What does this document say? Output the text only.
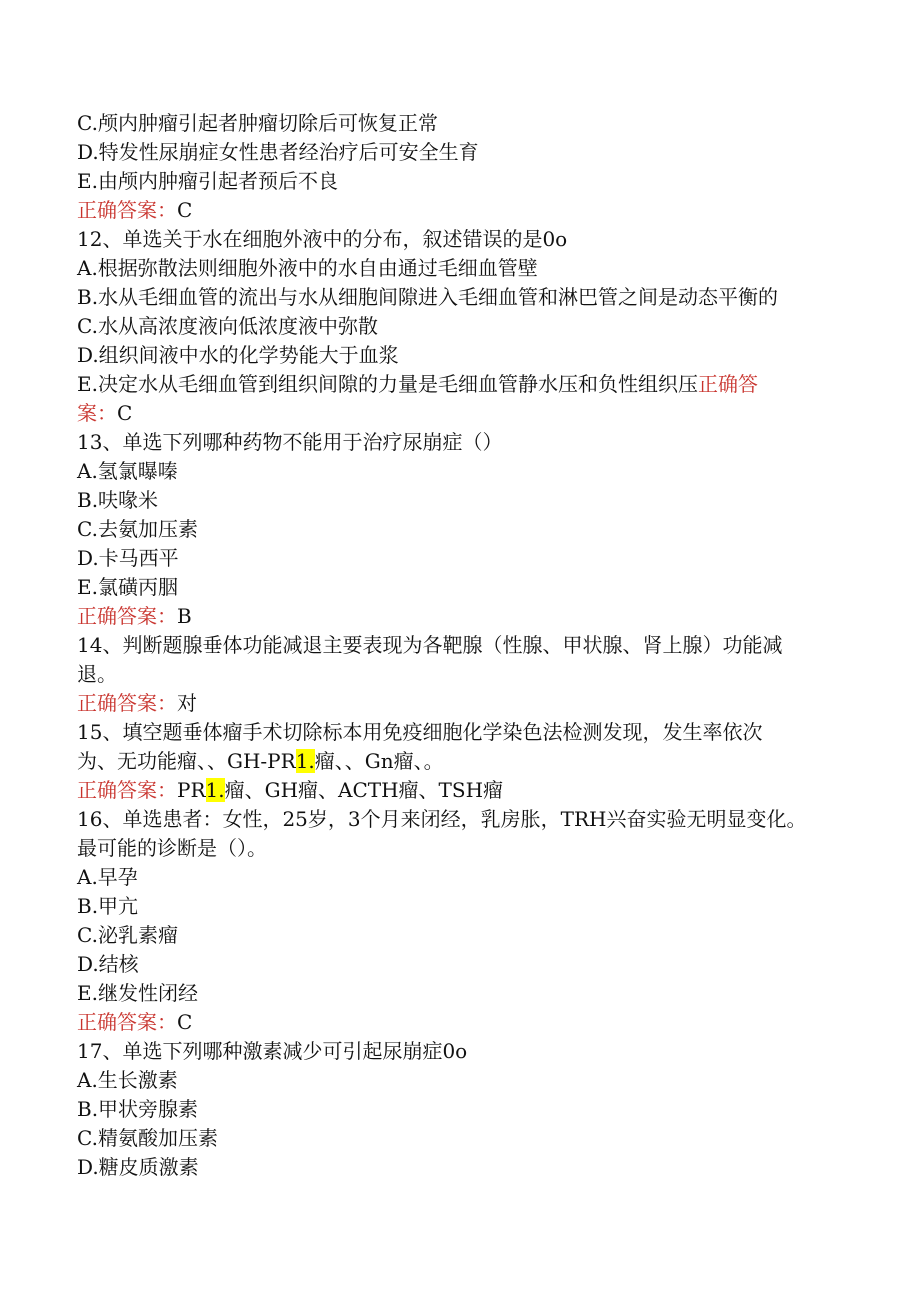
C.颅内肿瘤引起者肿瘤切除后可恢复正常
D.特发性尿崩症女性患者经治疗后可安全生育
E.由颅内肿瘤引起者预后不良
正确答案：C
12、单选关于水在细胞外液中的分布，叙述错误的是0o
A.根据弥散法则细胞外液中的水自由通过毛细血管壁
B.水从毛细血管的流出与水从细胞间隙进入毛细血管和淋巴管之间是动态平衡的
C.水从高浓度液向低浓度液中弥散
D.组织间液中水的化学势能大于血浆
E.决定水从毛细血管到组织间隙的力量是毛细血管静水压和负性组织压正确答
案：C
13、单选下列哪种药物不能用于治疗尿崩症（）
A.氢氯曝嗪
B.呋喙米
C.去氨加压素
D.卡马西平
E.氯磺丙胭
正确答案：B
14、判断题腺垂体功能减退主要表现为各靶腺（性腺、甲状腺、肾上腺）功能减
退。
正确答案：对
15、填空题垂体瘤手术切除标本用免疫细胞化学染色法检测发现，发生率依次
为、无功能瘤、、GH-PR1.瘤、、Gn瘤、。
正确答案：PR1.瘤、GH瘤、ACTH瘤、TSH瘤
16、单选患者：女性，25岁，3个月来闭经，乳房胀，TRH兴奋实验无明显变化。
最可能的诊断是（）。
A.早孕
B.甲亢
C.泌乳素瘤
D.结核
E.继发性闭经
正确答案：C
17、单选下列哪种激素减少可引起尿崩症0o
A.生长激素
B.甲状旁腺素
C.精氨酸加压素
D.糖皮质激素
